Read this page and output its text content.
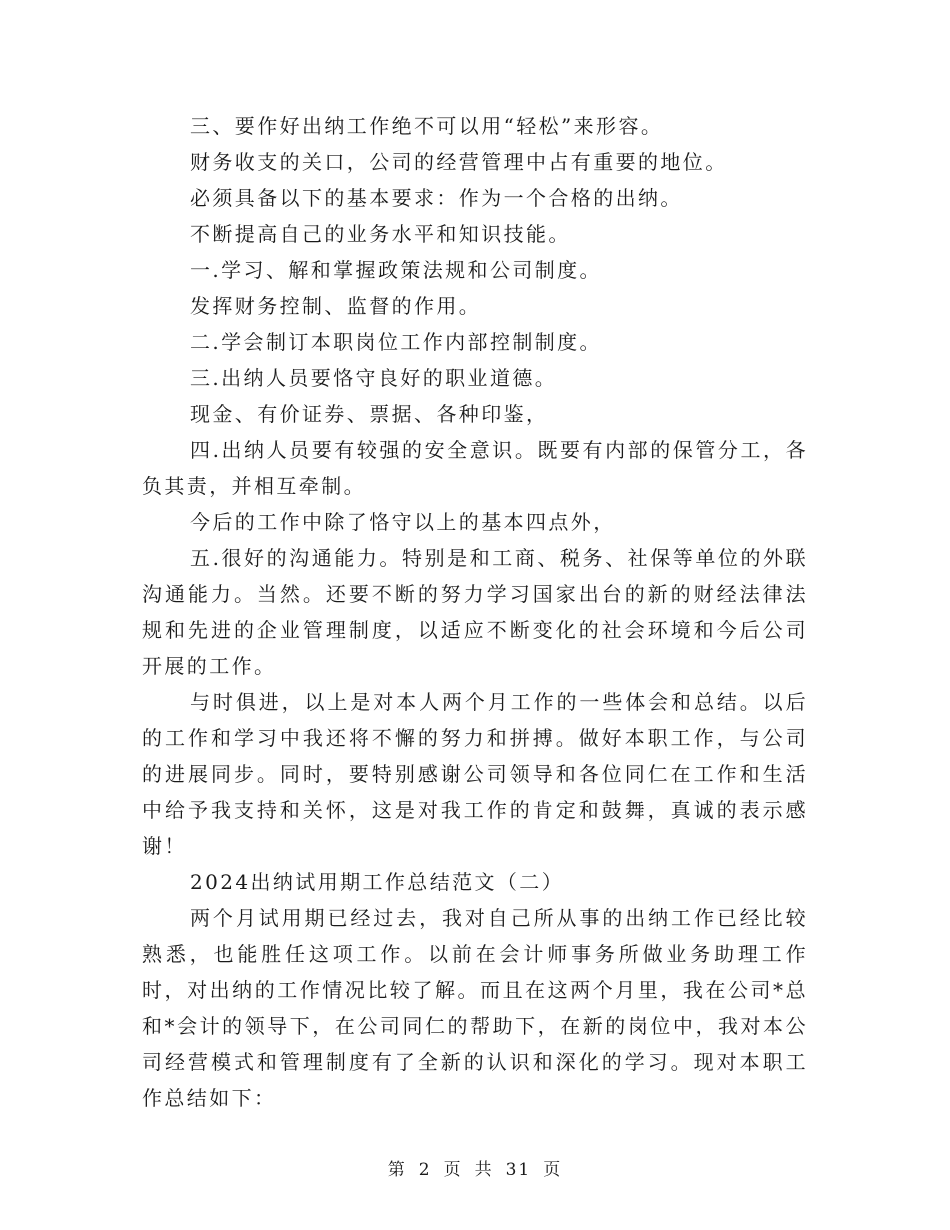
三、要作好出纳工作绝不可以用“轻松”来形容。

财务收支的关口，公司的经营管理中占有重要的地位。

必须具备以下的基本要求：作为一个合格的出纳。

不断提高自己的业务水平和知识技能。

一.学习、解和掌握政策法规和公司制度。

发挥财务控制、监督的作用。

二.学会制订本职岗位工作内部控制制度。

三.出纳人员要恪守良好的职业道德。

现金、有价证券、票据、各种印鉴，

四.出纳人员要有较强的安全意识。既要有内部的保管分工，各负其责，并相互牵制。

今后的工作中除了恪守以上的基本四点外，

五.很好的沟通能力。特别是和工商、税务、社保等单位的外联沟通能力。当然。还要不断的努力学习国家出台的新的财经法律法规和先进的企业管理制度，以适应不断变化的社会环境和今后公司开展的工作。

与时俱进，以上是对本人两个月工作的一些体会和总结。以后的工作和学习中我还将不懈的努力和拼搏。做好本职工作，与公司的进展同步。同时，要特别感谢公司领导和各位同仁在工作和生活中给予我支持和关怀，这是对我工作的肯定和鼓舞，真诚的表示感谢！

2024出纳试用期工作总结范文（二）

两个月试用期已经过去，我对自己所从事的出纳工作已经比较熟悉，也能胜任这项工作。以前在会计师事务所做业务助理工作时，对出纳的工作情况比较了解。而且在这两个月里，我在公司*总和*会计的领导下，在公司同仁的帮助下，在新的岗位中，我对本公司经营模式和管理制度有了全新的认识和深化的学习。现对本职工作总结如下：

第 2 页 共 31 页
